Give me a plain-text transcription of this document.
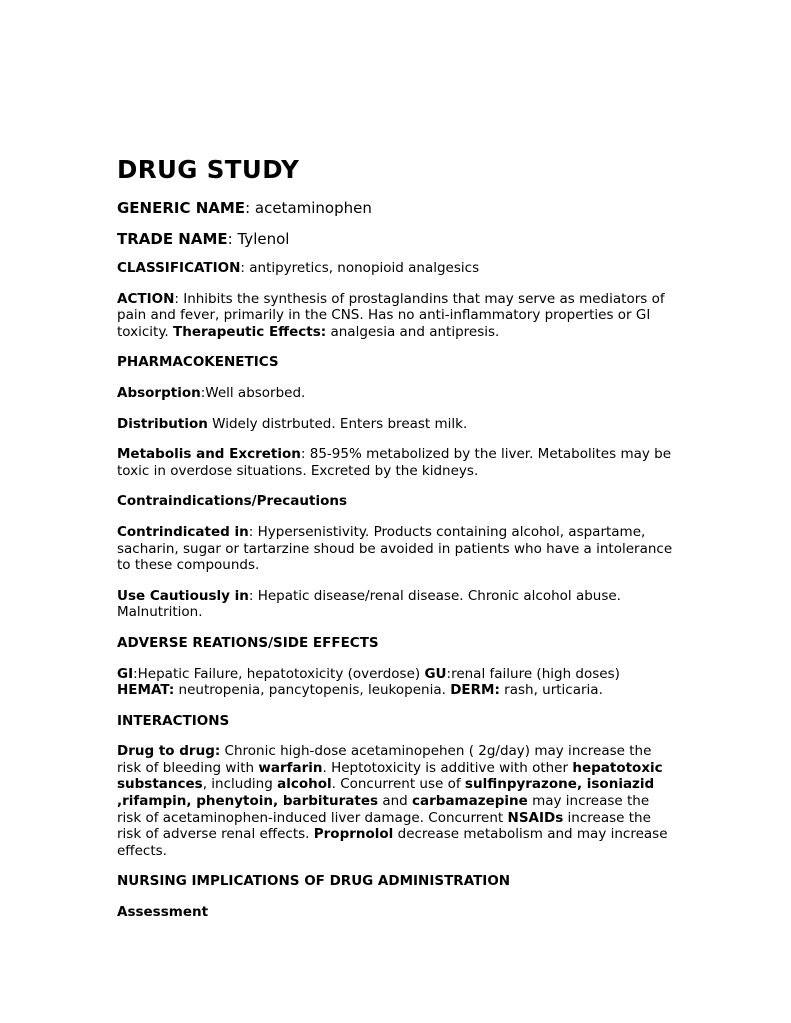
DRUG STUDY

GENERIC NAME: acetaminophen

TRADE NAME: Tylenol

CLASSIFICATION: antipyretics, nonopioid analgesics

ACTION: Inhibits the synthesis of prostaglandins that may serve as mediators of pain and fever, primarily in the CNS. Has no anti-inflammatory properties or GI toxicity. Therapeutic Effects: analgesia and antipresis.

PHARMACOKENETICS

Absorption:Well absorbed.

Distribution Widely distrbuted. Enters breast milk.

Metabolis and Excretion: 85-95% metabolized by the liver. Metabolites may be toxic in overdose situations. Excreted by the kidneys.

Contraindications/Precautions

Contrindicated in: Hypersenistivity. Products containing alcohol, aspartame, sacharin, sugar or tartarzine shoud be avoided in patients who have a intolerance to these compounds.

Use Cautiously in: Hepatic disease/renal disease. Chronic alcohol abuse. Malnutrition.

ADVERSE REATIONS/SIDE EFFECTS

GI:Hepatic Failure, hepatotoxicity (overdose) GU:renal failure (high doses)
HEMAT: neutropenia, pancytopenis, leukopenia. DERM: rash, urticaria.

INTERACTIONS

Drug to drug: Chronic high-dose acetaminopehen ( 2g/day) may increase the risk of bleeding with warfarin. Heptotoxicity is additive with other hepatotoxic substances, including alcohol. Concurrent use of sulfinpyrazone, isoniazid ,rifampin, phenytoin, barbiturates and carbamazepine may increase the risk of acetaminophen-induced liver damage. Concurrent NSAIDs increase the risk of adverse renal effects. Proprnolol decrease metabolism and may increase effects.

NURSING IMPLICATIONS OF DRUG ADMINISTRATION

Assessment
